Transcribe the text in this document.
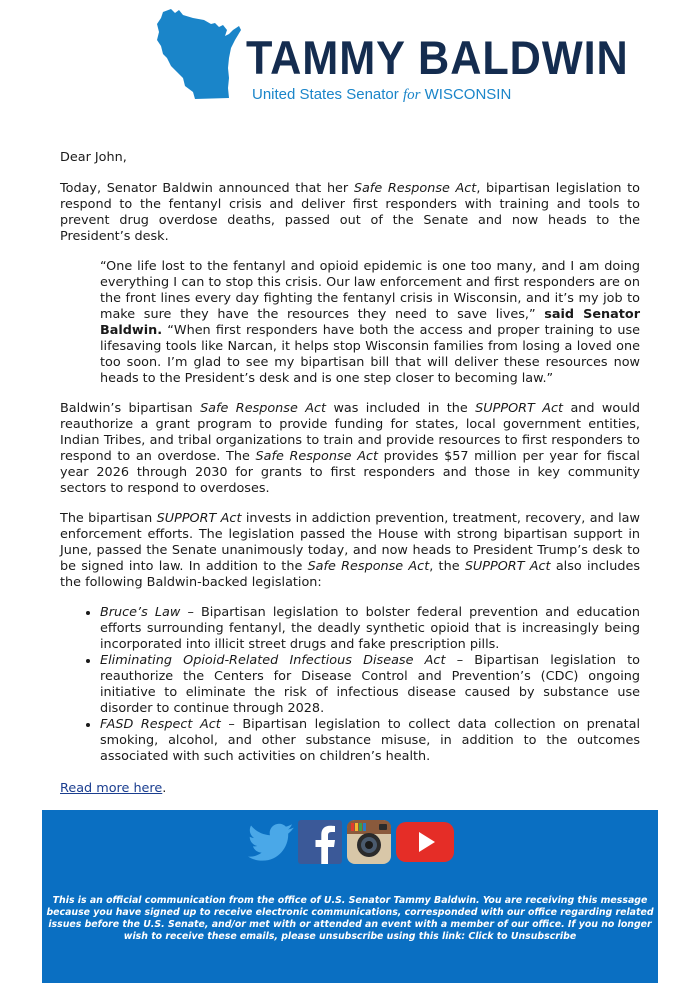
TAMMY BALDWIN
United States Senator for WISCONSIN

Dear John,

Today, Senator Baldwin announced that her Safe Response Act, bipartisan legislation to respond to the fentanyl crisis and deliver first responders with training and tools to prevent drug overdose deaths, passed out of the Senate and now heads to the President’s desk.

“One life lost to the fentanyl and opioid epidemic is one too many, and I am doing everything I can to stop this crisis. Our law enforcement and first responders are on the front lines every day fighting the fentanyl crisis in Wisconsin, and it’s my job to make sure they have the resources they need to save lives,” said Senator Baldwin. “When first responders have both the access and proper training to use lifesaving tools like Narcan, it helps stop Wisconsin families from losing a loved one too soon. I’m glad to see my bipartisan bill that will deliver these resources now heads to the President’s desk and is one step closer to becoming law.”

Baldwin’s bipartisan Safe Response Act was included in the SUPPORT Act and would reauthorize a grant program to provide funding for states, local government entities, Indian Tribes, and tribal organizations to train and provide resources to first responders to respond to an overdose. The Safe Response Act provides $57 million per year for fiscal year 2026 through 2030 for grants to first responders and those in key community sectors to respond to overdoses.

The bipartisan SUPPORT Act invests in addiction prevention, treatment, recovery, and law enforcement efforts. The legislation passed the House with strong bipartisan support in June, passed the Senate unanimously today, and now heads to President Trump’s desk to be signed into law. In addition to the Safe Response Act, the SUPPORT Act also includes the following Baldwin-backed legislation:

• Bruce’s Law – Bipartisan legislation to bolster federal prevention and education efforts surrounding fentanyl, the deadly synthetic opioid that is increasingly being incorporated into illicit street drugs and fake prescription pills.
• Eliminating Opioid-Related Infectious Disease Act – Bipartisan legislation to reauthorize the Centers for Disease Control and Prevention’s (CDC) ongoing initiative to eliminate the risk of infectious disease caused by substance use disorder to continue through 2028.
• FASD Respect Act – Bipartisan legislation to collect data collection on prenatal smoking, alcohol, and other substance misuse, in addition to the outcomes associated with such activities on children’s health.

Read more here.

This is an official communication from the office of U.S. Senator Tammy Baldwin. You are receiving this message because you have signed up to receive electronic communications, corresponded with our office regarding related issues before the U.S. Senate, and/or met with or attended an event with a member of our office. If you no longer wish to receive these emails, please unsubscribe using this link: Click to Unsubscribe
